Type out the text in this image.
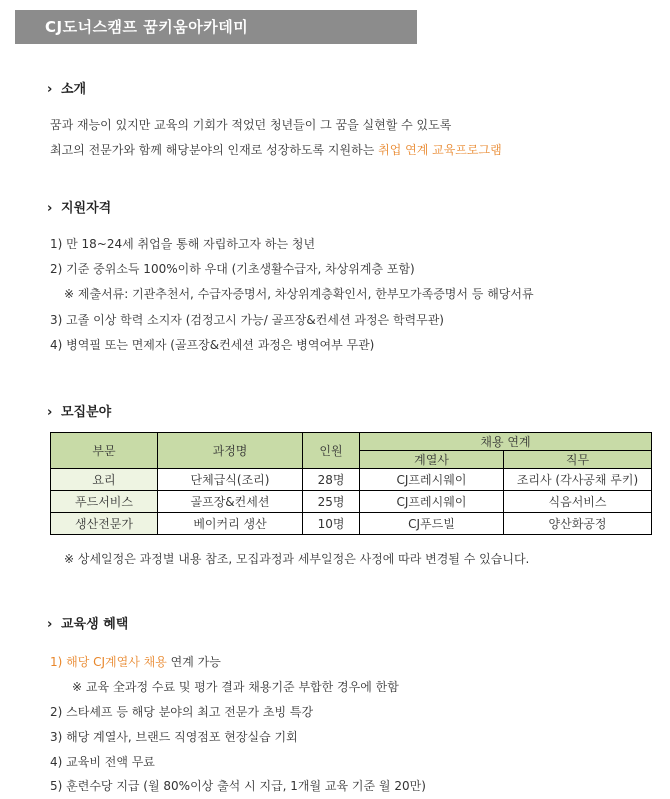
CJ도너스캠프 꿈키움아카데미
› 소개
꿈과 재능이 있지만 교육의 기회가 적었던 청년들이 그 꿈을 실현할 수 있도록
최고의 전문가와 함께 해당분야의 인재로 성장하도록 지원하는 취업 연계 교육프로그램
› 지원자격
1) 만 18~24세 취업을 통해 자립하고자 하는 청년
2) 기준 중위소득 100%이하 우대 (기초생활수급자, 차상위계층 포함)
※ 제출서류: 기관추천서, 수급자증명서, 차상위계층확인서, 한부모가족증명서 등 해당서류
3) 고졸 이상 학력 소지자 (검정고시 가능/ 골프장&컨세션 과정은 학력무관)
4) 병역필 또는 면제자 (골프장&컨세션 과정은 병역여부 무관)
› 모집분야
부문	과정명	인원	채용 연계	
			계열사	직무
요리	단체급식(조리)	28명	CJ프레시웨이	조리사 (각사공채 루키)
푸드서비스	골프장&컨세션	25명	CJ프레시웨이	식음서비스
생산전문가	베이커리 생산	10명	CJ푸드빌	양산화공정
※ 상세일정은 과정별 내용 참조, 모집과정과 세부일정은 사정에 따라 변경될 수 있습니다.
› 교육생 혜택
1) 해당 CJ계열사 채용 연계 가능
※ 교육 全과정 수료 및 평가 결과 채용기준 부합한 경우에 한함
2) 스타셰프 등 해당 분야의 최고 전문가 초빙 특강
3) 해당 계열사, 브랜드 직영점포 현장실습 기회
4) 교육비 전액 무료
5) 훈련수당 지급 (월 80%이상 출석 시 지급, 1개월 교육 기준 월 20만)
